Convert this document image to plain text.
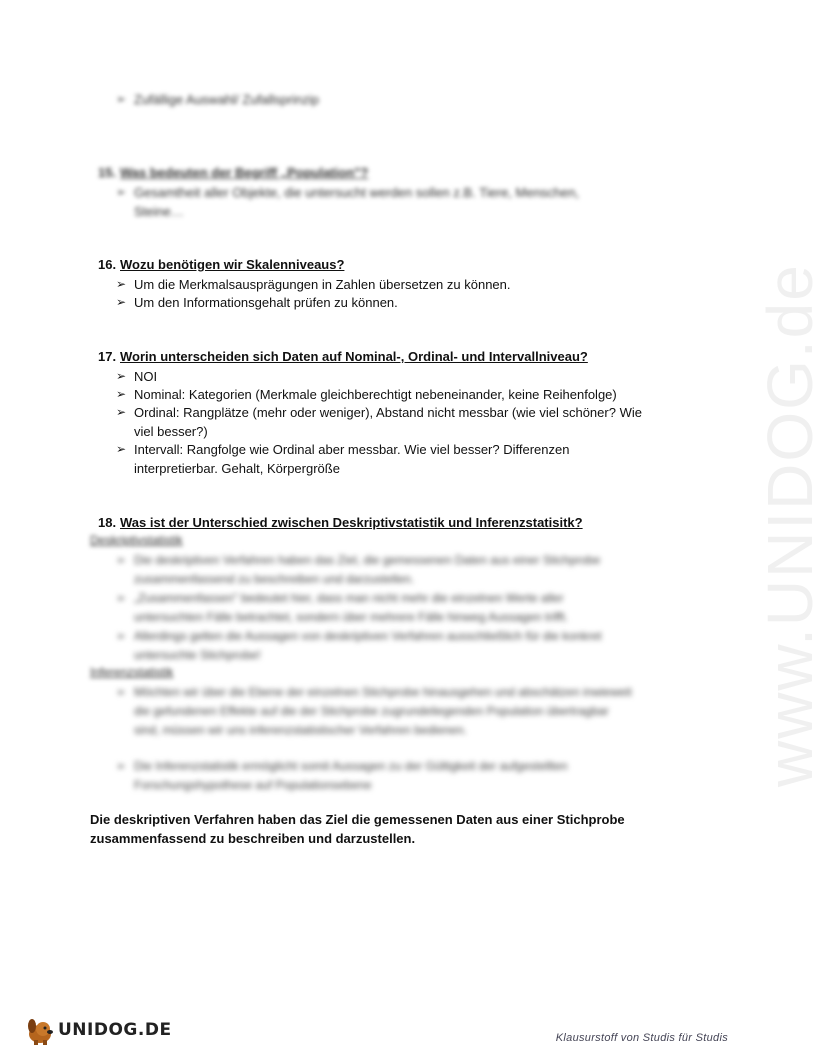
www.UNIDOG.de
➢ Zufällige Auswahl/ Zufallsprinzip
15. Was bedeuten der Begriff „Population"?
➢ Gesamtheit aller Objekte, die untersucht werden sollen z.B. Tiere, Menschen, Steine…
16. Wozu benötigen wir Skalenniveaus?
➢ Um die Merkmalsausprägungen in Zahlen übersetzen zu können.
➢ Um den Informationsgehalt prüfen zu können.
17. Worin unterscheiden sich Daten auf Nominal-, Ordinal- und Intervallniveau?
➢ NOI
➢ Nominal: Kategorien (Merkmale gleichberechtigt nebeneinander, keine Reihenfolge)
➢ Ordinal: Rangplätze (mehr oder weniger), Abstand nicht messbar (wie viel schöner? Wie viel besser?)
➢ Intervall: Rangfolge wie Ordinal aber messbar. Wie viel besser? Differenzen interpretierbar. Gehalt, Körpergröße
18. Was ist der Unterschied zwischen Deskriptivstatistik und Inferenzstatisitk?
Deskriptivstatistik
➢ Die deskriptiven Verfahren haben das Ziel, die gemessenen Daten aus einer Stichprobe zusammenfassend zu beschreiben und darzustellen.
➢ „Zusammenfassen" bedeutet hier, dass man nicht mehr die einzelnen Werte aller untersuchten Fälle betrachtet, sondern über mehrere Fälle hinweg Aussagen trifft.
➢ Allerdings gelten die Aussagen von deskriptiven Verfahren ausschließlich für die konkret untersuchte Stichprobe!
Inferenzstatistik
➢ Möchten wir über die Ebene der einzelnen Stichprobe hinausgehen und abschätzen inwieweit die gefundenen Effekte auf die der Stichprobe zugrundeliegenden Population übertragbar sind, müssen wir uns inferenzstatistischer Verfahren bedienen.
➢ Die Inferenzstatistik ermöglicht somit Aussagen zu der Gültigkeit der aufgestellten Forschungshypothese auf Populationsebene
Die deskriptiven Verfahren haben das Ziel die gemessenen Daten aus einer Stichprobe zusammenfassend zu beschreiben und darzustellen.
UNIDOG.DE	Klausurstoff von Studis für Studis
